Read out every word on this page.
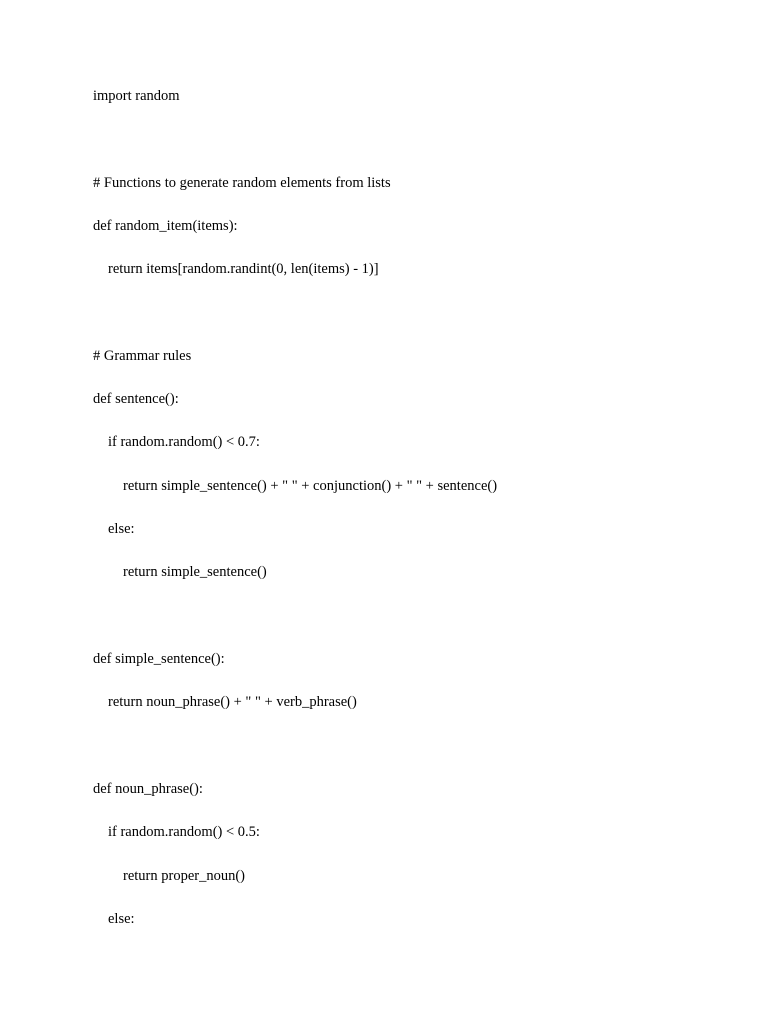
import random

# Functions to generate random elements from lists

def random_item(items):

return items[random.randint(0, len(items) - 1)]

# Grammar rules

def sentence():

if random.random() < 0.7:

return simple_sentence() + " " + conjunction() + " " + sentence()

else:

return simple_sentence()

def simple_sentence():

return noun_phrase() + " " + verb_phrase()

def noun_phrase():

if random.random() < 0.5:

return proper_noun()

else:
